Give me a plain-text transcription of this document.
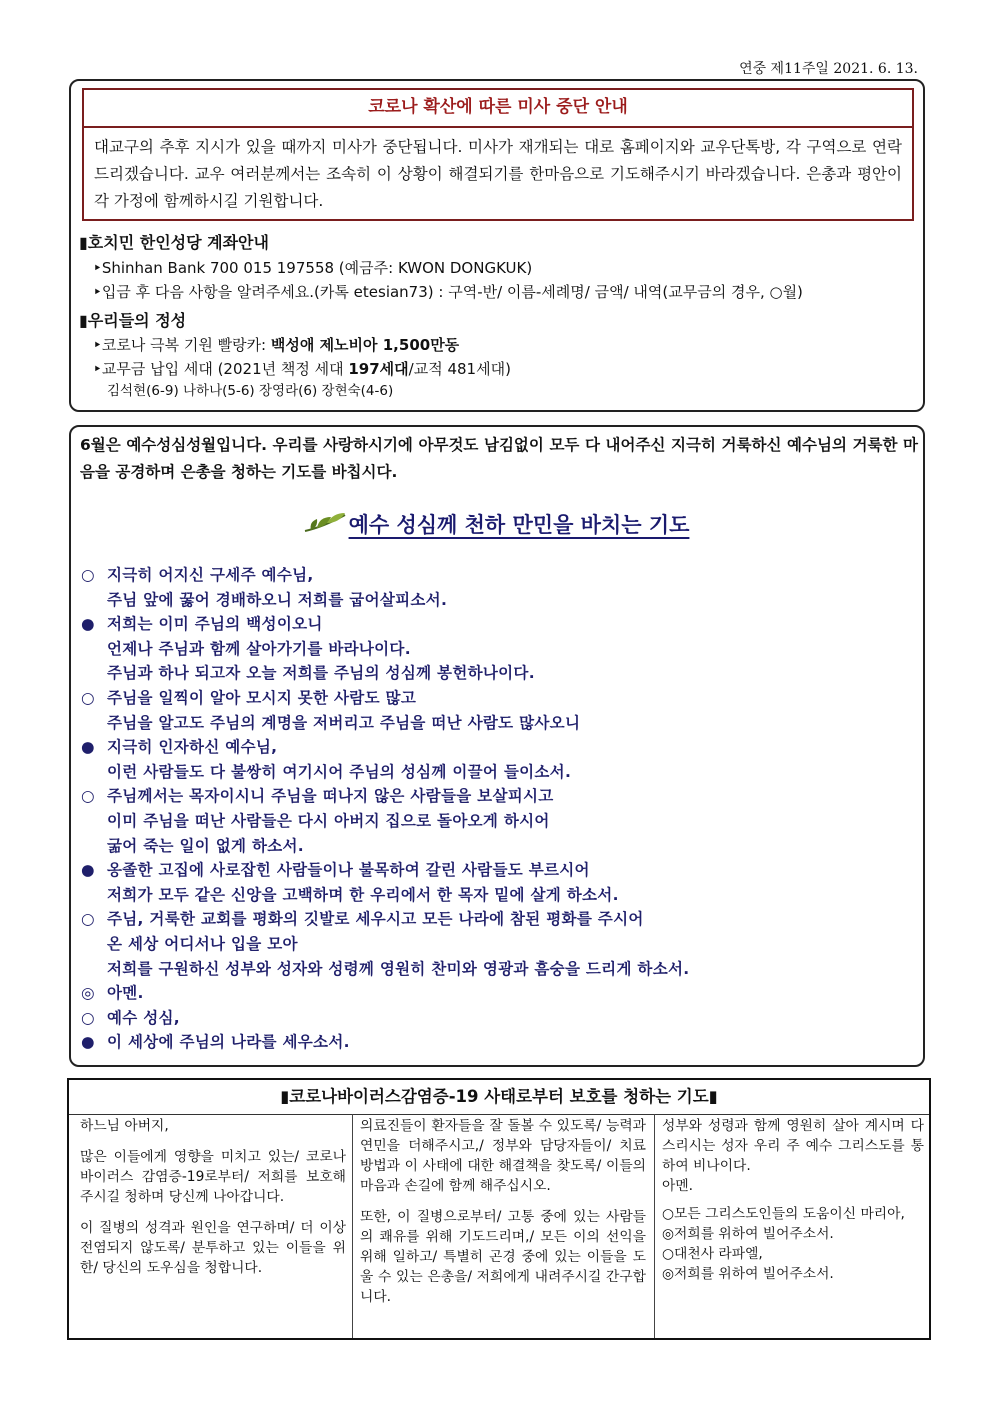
연중 제11주일 2021. 6. 13.
코로나 확산에 따른 미사 중단 안내
대교구의 추후 지시가 있을 때까지 미사가 중단됩니다. 미사가 재개되는 대로 홈페이지와 교우단톡방, 각 구역으로 연락드리겠습니다. 교우 여러분께서는 조속히 이 상황이 해결되기를 한마음으로 기도해주시기 바라겠습니다. 은총과 평안이 각 가정에 함께하시길 기원합니다.
▮호치민 한인성당 계좌안내
‣Shinhan Bank 700 015 197558 (예금주: KWON DONGKUK)
‣입금 후 다음 사항을 알려주세요.(카톡 etesian73) : 구역-반/ 이름-세례명/ 금액/ 내역(교무금의 경우, ○월)
▮우리들의 정성
‣코로나 극복 기원 빨랑카: 백성애 제노비아 1,500만동
‣교무금 납입 세대 (2021년 책정 세대 197세대/교적 481세대)
김석현(6-9) 나하나(5-6) 장영라(6) 장현숙(4-6)
6월은 예수성심성월입니다. 우리를 사랑하시기에 아무것도 남김없이 모두 다 내어주신 지극히 거룩하신 예수님의 거룩한 마음을 공경하며 은총을 청하는 기도를 바칩시다.
예수 성심께 천하 만민을 바치는 기도
○ 지극히 어지신 구세주 예수님,
주님 앞에 꿇어 경배하오니 저희를 굽어살피소서.
● 저희는 이미 주님의 백성이오니
언제나 주님과 함께 살아가기를 바라나이다.
주님과 하나 되고자 오늘 저희를 주님의 성심께 봉헌하나이다.
○ 주님을 일찍이 알아 모시지 못한 사람도 많고
주님을 알고도 주님의 계명을 저버리고 주님을 떠난 사람도 많사오니
● 지극히 인자하신 예수님,
이런 사람들도 다 불쌍히 여기시어 주님의 성심께 이끌어 들이소서.
○ 주님께서는 목자이시니 주님을 떠나지 않은 사람들을 보살피시고
이미 주님을 떠난 사람들은 다시 아버지 집으로 돌아오게 하시어
굶어 죽는 일이 없게 하소서.
● 옹졸한 고집에 사로잡힌 사람들이나 불목하여 갈린 사람들도 부르시어
저희가 모두 같은 신앙을 고백하며 한 우리에서 한 목자 밑에 살게 하소서.
○ 주님, 거룩한 교회를 평화의 깃발로 세우시고 모든 나라에 참된 평화를 주시어
온 세상 어디서나 입을 모아
저희를 구원하신 성부와 성자와 성령께 영원히 찬미와 영광과 흠숭을 드리게 하소서.
◎ 아멘.
○ 예수 성심,
● 이 세상에 주님의 나라를 세우소서.
▮코로나바이러스감염증-19 사태로부터 보호를 청하는 기도▮

하느님 아버지,

많은 이들에게 영향을 미치고 있는/ 코로나 바이러스 감염증-19로부터/ 저희를 보호해주시길 청하며 당신께 나아갑니다.

이 질병의 성격과 원인을 연구하며/ 더 이상 전염되지 않도록/ 분투하고 있는 이들을 위한/ 당신의 도우심을 청합니다.

의료진들이 환자들을 잘 돌볼 수 있도록/ 능력과 연민을 더해주시고,/ 정부와 담당자들이/ 치료 방법과 이 사태에 대한 해결책을 찾도록/ 이들의 마음과 손길에 함께 해주십시오.

또한, 이 질병으로부터/ 고통 중에 있는 사람들의 쾌유를 위해 기도드리며,/ 모든 이의 선익을 위해 일하고/ 특별히 곤경 중에 있는 이들을 도울 수 있는 은총을/ 저희에게 내려주시길 간구합니다.

성부와 성령과 함께 영원히 살아 계시며 다스리시는 성자 우리 주 예수 그리스도를 통하여 비나이다.

아멘.

○모든 그리스도인들의 도움이신 마리아,

◎저희를 위하여 빌어주소서.

○대천사 라파엘,

◎저희를 위하여 빌어주소서.
